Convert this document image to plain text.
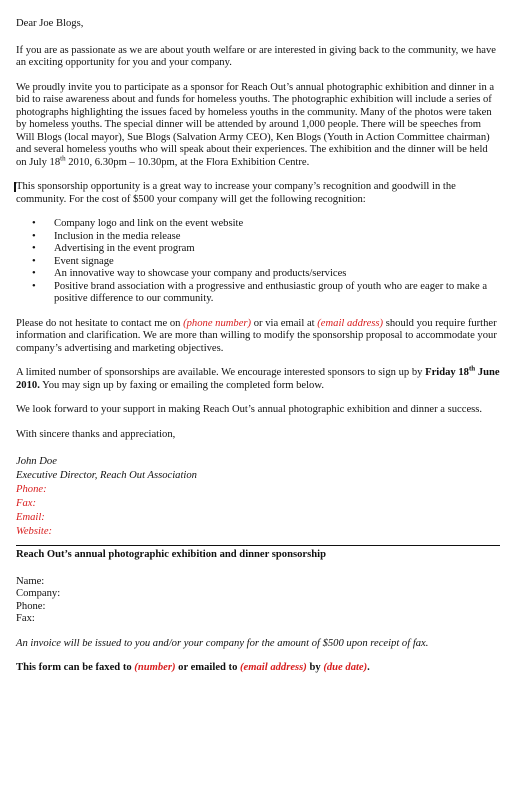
Dear Joe Blogs,

If you are as passionate as we are about youth welfare or are interested in giving back to the community, we have an exciting opportunity for you and your company.

We proudly invite you to participate as a sponsor for Reach Out’s annual photographic exhibition and dinner in a bid to raise awareness about and funds for homeless youths. The photographic exhibition will include a series of photographs highlighting the issues faced by homeless youths in the community. Many of the photos were taken by homeless youths. The special dinner will be attended by around 1,000 people. There will be speeches from Will Blogs (local mayor), Sue Blogs (Salvation Army CEO), Ken Blogs (Youth in Action Committee chairman) and several homeless youths who will speak about their experiences. The exhibition and the dinner will be held on July 18th 2010, 6.30pm – 10.30pm, at the Flora Exhibition Centre.

This sponsorship opportunity is a great way to increase your company’s recognition and goodwill in the community. For the cost of $500 your company will get the following recognition:

• Company logo and link on the event website
• Inclusion in the media release
• Advertising in the event program
• Event signage
• An innovative way to showcase your company and products/services
• Positive brand association with a progressive and enthusiastic group of youth who are eager to make a positive difference to our community.

Please do not hesitate to contact me on (phone number) or via email at (email address) should you require further information and clarification. We are more than willing to modify the sponsorship proposal to accommodate your company’s advertising and marketing objectives.

A limited number of sponsorships are available. We encourage interested sponsors to sign up by Friday 18th June 2010. You may sign up by faxing or emailing the completed form below.

We look forward to your support in making Reach Out’s annual photographic exhibition and dinner a success.

With sincere thanks and appreciation,

John Doe
Executive Director, Reach Out Association
Phone:
Fax:
Email:
Website:

Reach Out’s annual photographic exhibition and dinner sponsorship

Name:
Company:
Phone:
Fax:

An invoice will be issued to you and/or your company for the amount of $500 upon receipt of fax.

This form can be faxed to (number) or emailed to (email address) by (due date).
